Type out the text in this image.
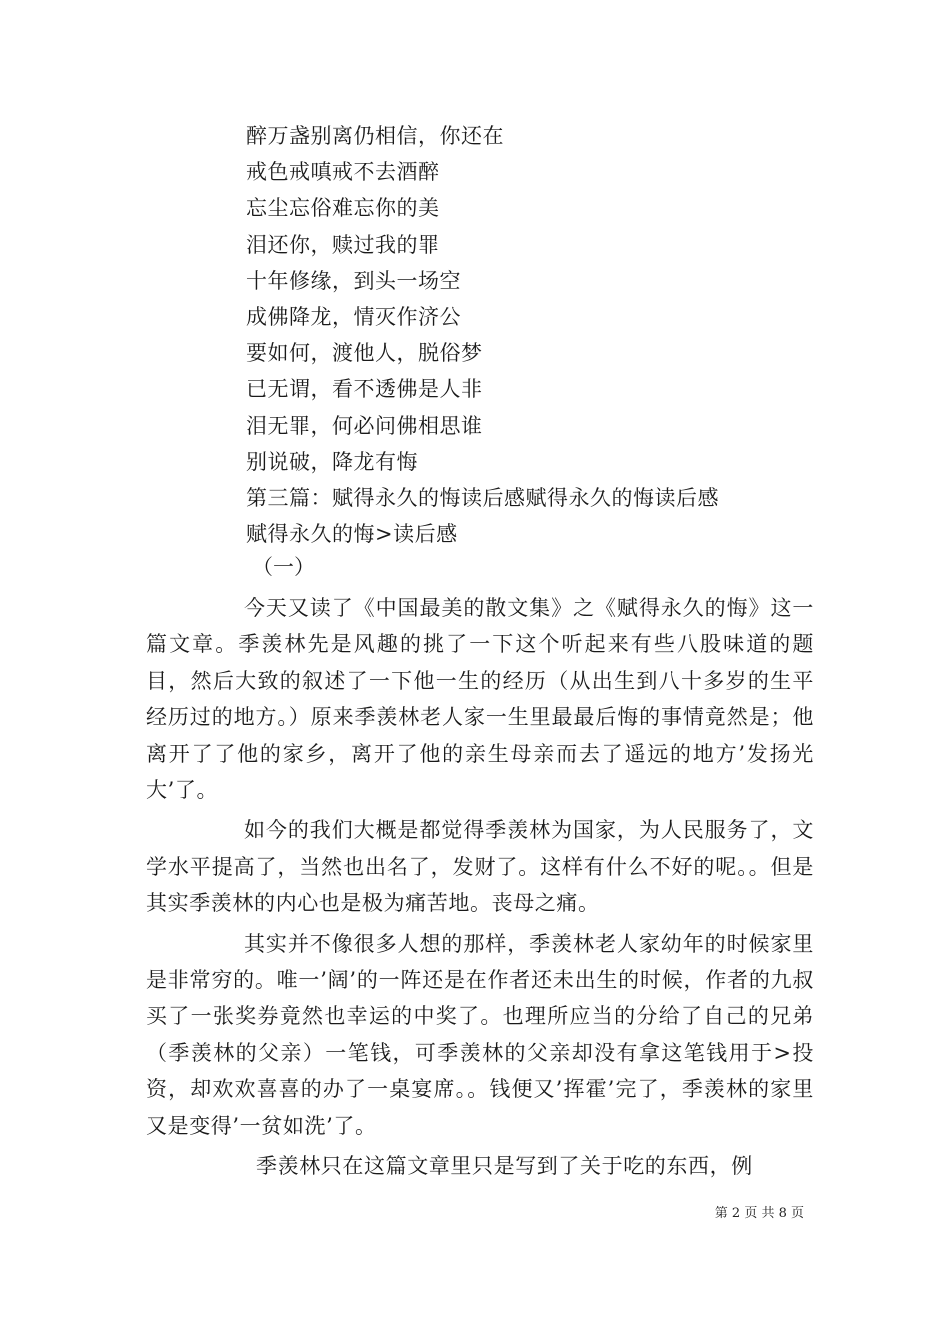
醉万盏别离仍相信，你还在
戒色戒嗔戒不去酒醉
忘尘忘俗难忘你的美
泪还你，赎过我的罪
十年修缘，到头一场空
成佛降龙，情灭作济公
要如何，渡他人，脱俗梦
已无谓，看不透佛是人非
泪无罪，何必问佛相思谁
别说破，降龙有悔
第三篇：赋得永久的悔读后感赋得永久的悔读后感
赋得永久的悔>读后感
（一）

今天又读了《中国最美的散文集》之《赋得永久的悔》这一篇文章。季羡林先是风趣的挑了一下这个听起来有些八股味道的题目，然后大致的叙述了一下他一生的经历（从出生到八十多岁的生平经历过的地方。）原来季羡林老人家一生里最最后悔的事情竟然是；他离开了了他的家乡，离开了他的亲生母亲而去了遥远的地方’发扬光大’了。

如今的我们大概是都觉得季羡林为国家，为人民服务了，文学水平提高了，当然也出名了，发财了。这样有什么不好的呢。。但是其实季羡林的内心也是极为痛苦地。丧母之痛。

其实并不像很多人想的那样，季羡林老人家幼年的时候家里是非常穷的。唯一’阔’的一阵还是在作者还未出生的时候，作者的九叔买了一张奖券竟然也幸运的中奖了。也理所应当的分给了自己的兄弟（季羡林的父亲）一笔钱，可季羡林的父亲却没有拿这笔钱用于>投资，却欢欢喜喜的办了一桌宴席。。钱便又’挥霍’完了，季羡林的家里又是变得’一贫如洗’了。

季羡林只在这篇文章里只是写到了关于吃的东西，例

第 2 页 共 8 页
